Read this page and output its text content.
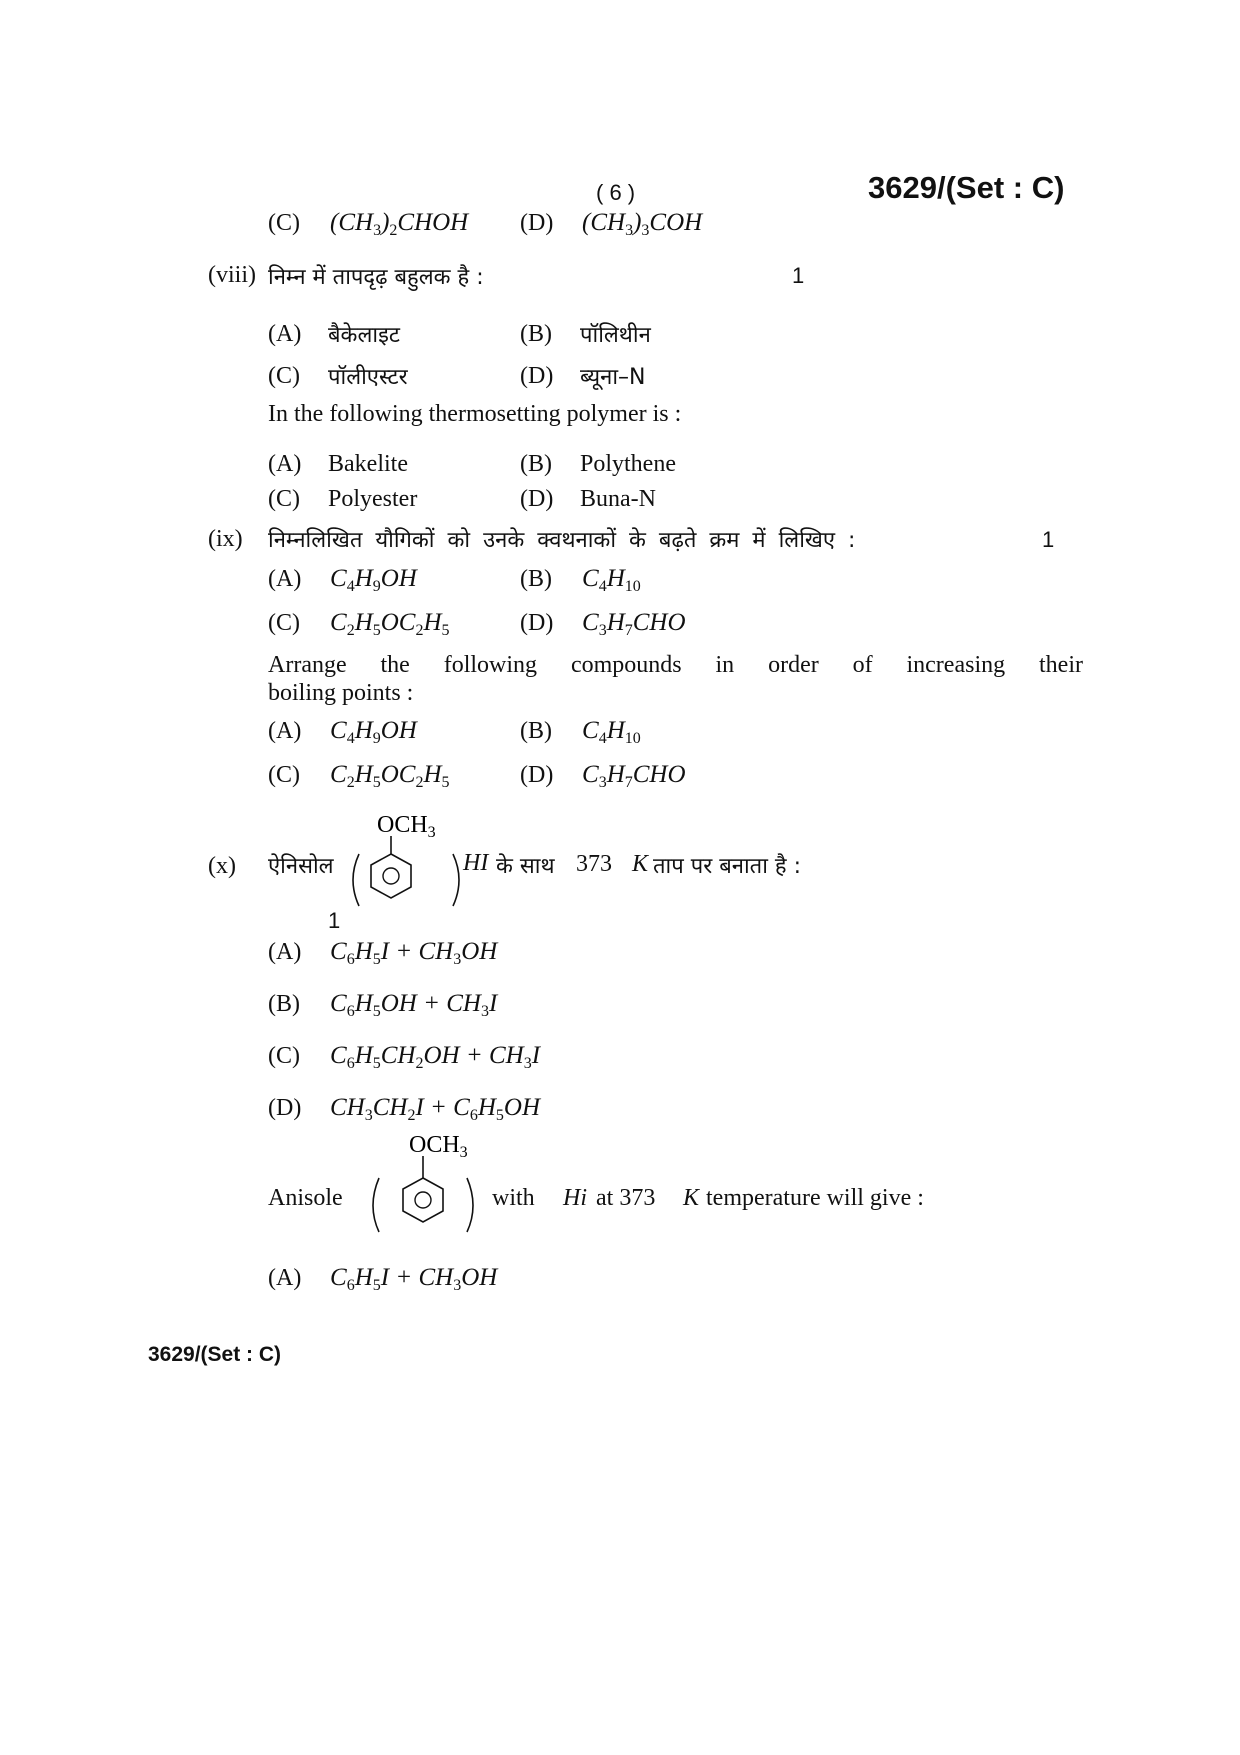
( 6 )	3629/(Set : C)
(C) $(CH_3)_2CHOH$ (D) $(CH_3)_3COH$
(viii) निम्न में तापदृढ़ बहुलक है :	1
(A) बैकेलाइट	(B) पॉलिथीन
(C) पॉलीएस्टर	(D) ब्यूना–N
In the following thermosetting polymer is :
(A) Bakelite	(B) Polythene
(C) Polyester	(D) Buna-N
(ix) निम्नलिखित यौगिकों को उनके क्वथनाकों के बढ़ते क्रम में लिखिए :	1
(A) $C_4H_9OH$	(B) $C_4H_{10}$
(C) $C_2H_5OC_2H_5$	(D) $C_3H_7CHO$
Arrange the following compounds in order of increasing their
boiling points :
(A) $C_4H_9OH$	(B) $C_4H_{10}$
(C) $C_2H_5OC_2H_5$	(D) $C_3H_7CHO$
(x) ऐनिसोल
$OCH_3$
HI के साथ 373 K ताप पर बनाता है :
1
(A) $C_6H_5I + CH_3OH$
(B) $C_6H_5OH + CH_3I$
(C) $C_6H_5CH_2OH + CH_3I$
(D) $CH_3CH_2I + C_6H_5OH$
Anisole
$OCH_3$
with Hi at 373 K temperature will give :
(A) $C_6H_5I + CH_3OH$
3629/(Set : C)
